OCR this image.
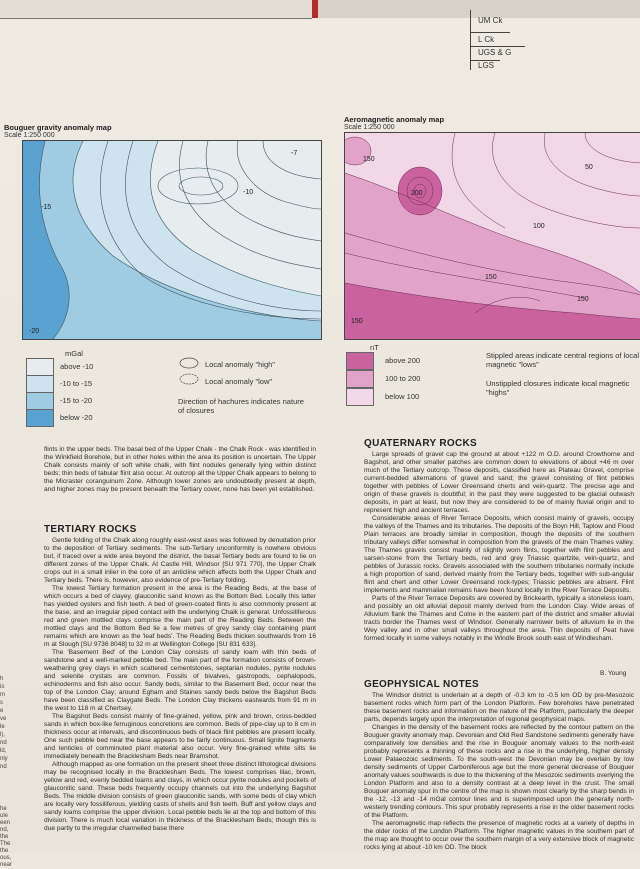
UM Ck
L Ck
UGS & G
LGS
Bouguer gravity anomaly map
Scale 1:250 000
-7
-10
-15
-20
Aeromagnetic anomaly map
Scale 1:250 000
150
200
50
100
150
150
150
mGal
above -10
-10 to -15
-15 to -20
below -20
Local anomaly "high"
Local anomaly "low"
Direction of hachures indicates nature of closures
nT
above 200
100 to 200
below 100
Stippled areas indicate central regions of local magnetic "lows"
Unstippled closures indicate local magnetic "highs"
h
is
m
s
e
ve
le
l),
nd
ld,
nly
nd
he
ule
een
nd,
the
The
the
ous,
near
flints in the upper beds. The basal bed of the Upper Chalk - the Chalk Rock - was identified in the Winkfield Borehole, but in other holes within the area its position is uncertain. The Upper Chalk consists mainly of soft white chalk, with flint nodules generally lying within distinct beds; thin beds of tabular flint also occur. At outcrop all the Upper Chalk appears to belong to the Micraster coranguinum Zone. Although lower zones are undoubtedly present at depth, and higher zones may be present beneath the Tertiary cover, none has been yet established.
TERTIARY ROCKS

Gentle folding of the Chalk along roughly east-west axes was followed by denudation prior to the deposition of Tertiary sediments. The sub-Tertiary unconformity is nowhere obvious but, if traced over a wide area beyond the district, the basal Tertiary beds are found to lie on different zones of the Upper Chalk. At Castle Hill, Windsor [SU 971 770], the Upper Chalk crops out in a small inlier in the core of an anticline which affects both the Upper Chalk and Tertiary beds. There is, however, also evidence of pre-Tertiary folding.

The lowest Tertiary formation present in the area is the Reading Beds, at the base of which occurs a bed of clayey, glauconitic sand known as the Bottom Bed. Locally this latter has yielded oysters and fish teeth. A bed of green-coated flints is also commonly present at the base, and an irregular piped contact with the underlying Chalk is general. Unfossiliferous red and green mottled clays comprise the main part of the Reading Beds. Between the mottled clays and the Bottom Bed lie a few metres of grey sandy clay containing plant remains which are known as the 'leaf beds'. The Reading Beds thicken southwards from 16 m at Slough [SU 9736 8048] to 32 m at Wellington College [SU 831 633].

The 'Basement Bed' of the London Clay consists of sandy loam with thin beds of sandstone and a well-marked pebble bed. The main part of the formation consists of brown-weathering grey clays in which scattered cementstones, septarian nodules, pyrite nodules and selenite crystals are common. Fossils of bivalves, gastropods, cephalopods, echinoderms and fish also occur. Sandy beds, similar to the Basement Bed, occur near the top of the London Clay; around Egham and Staines sandy beds below the Bagshot Beds have been classified as Claygate Beds. The London Clay thickens eastwards from 91 m in the west to 118 m at Chertsey.

The Bagshot Beds consist mainly of fine-grained, yellow, pink and brown, cross-bedded sands in which box-like ferruginous concretions are common. Beds of pipe-clay up to 8 cm in thickness occur at intervals, and discontinuous beds of black flint pebbles are present locally. One such pebble bed near the base appears to be fairly continuous. Small lignite fragments and lenticles of comminuted plant material also occur. Very fine-grained white silts lie immediately beneath the Bracklesham Beds near Bramshot.

Although mapped as one formation on the present sheet three distinct lithological divisions may be recognised locally in the Bracklesham Beds. The lowest comprises lilac, brown, yellow and red, evenly bedded loams and clays, in which occur pyrite nodules and pockets of glauconitic sand. These beds frequently occupy channels cut into the underlying Bagshot Beds. The middle division consists of green glauconitic sands, with some beds of clay which are locally very fossiliferous, yielding casts of shells and fish teeth. Buff and yellow clays and sandy loams comprise the upper division. Local pebble beds lie at the top and bottom of this division. There is much local variation in thickness of the Bracklesham Beds; though this is due partly to the irregular channelled base there

QUATERNARY ROCKS

Large spreads of gravel cap the ground at about +122 m O.D. around Crowthorne and Bagshot, and other smaller patches are common down to elevations of about +46 m over much of the Tertiary outcrop. These deposits, classified here as Plateau Gravel, comprise current-bedded alternations of gravel and sand; the gravel consisting of flint pebbles together with pebbles of Lower Greensand cherts and vein-quartz. The precise age and origin of these gravels is doubtful; in the past they were suggested to be glacial outwash deposits, in part at least, but now they are considered to be of mainly fluvial origin and to represent high and ancient terraces.

Considerable areas of River Terrace Deposits, which consist mainly of gravels, occupy the valleys of the Thames and its tributaries. The deposits of the Boyn Hill, Taplow and Flood Plain terraces are broadly similar in composition, though the deposits of the southern tributary valleys differ somewhat in composition from the gravels of the main Thames valley. The Thames gravels consist mainly of slightly worn flints, together with flint pebbles and sarsen-stone from the Tertiary beds, red and grey Triassic quartzite, vein-quartz, and pebbles of Jurassic rocks. Gravels associated with the southern tributaries normally include a high proportion of sand, derived mainly from the Tertiary beds, together with sub-angular flint and chert and other Lower Greensand rock-types; Triassic pebbles are absent. Flint implements and mammalian remains have been found locally in the River Terrace Deposits.

Parts of the River Terrace Deposits are covered by Brickearth, typically a stoneless loam, and possibly an old alluvial deposit mainly derived from the London Clay. Wide areas of Alluvium flank the Thames and Colne in the eastern part of the district and smaller alluvial tracts border the Thames west of Windsor. Generally narrower belts of alluvium lie in the Wey valley and in other small valleys throughout the area. Thin deposits of Peat have formed locally in some valleys notably in the Windle Brook south east of Windlesham.

B. Young
GEOPHYSICAL NOTES

The Windsor district is underlain at a depth of -0.3 km to -0.5 km OD by pre-Mesozoic basement rocks which form part of the London Platform. Few boreholes have penetrated these basement rocks and information on the nature of the Platform, particularly the deeper parts, depends largely upon the interpretation of regional geophysical maps.

Changes in the density of the basement rocks are reflected by the contour pattern on the Bouguer gravity anomaly map. Devonian and Old Red Sandstone sediments generally have comparatively low densities and the rise in Bouguer anomaly values to the north-east probably represents a thinning of these rocks and a rise in the underlying, higher density Lower Palaeozoic sediments. To the south-west the Devonian may be overlain by low density sediments of Upper Carboniferous age but the more general decrease of Bouguer anomaly values southwards is due to the thickening of the Mesozoic sediments overlying the London Platform and also to a density contrast at a deep level in the crust. The small Bouguer anomaly spur in the centre of the map is shown most clearly by the sharp bends in the -12, -13 and -14 mGal contour lines and is superimposed upon the generally north-westerly trending contours. This spur probably represents a rise in the older basement rocks of the Platform.

The aeromagnetic map reflects the presence of magnetic rocks at a variety of depths in the older rocks of the London Platform. The higher magnetic values in the southern part of the map are thought to occur over the southern margin of a very extensive block of magnetic rocks lying at about -10 km OD. The block
